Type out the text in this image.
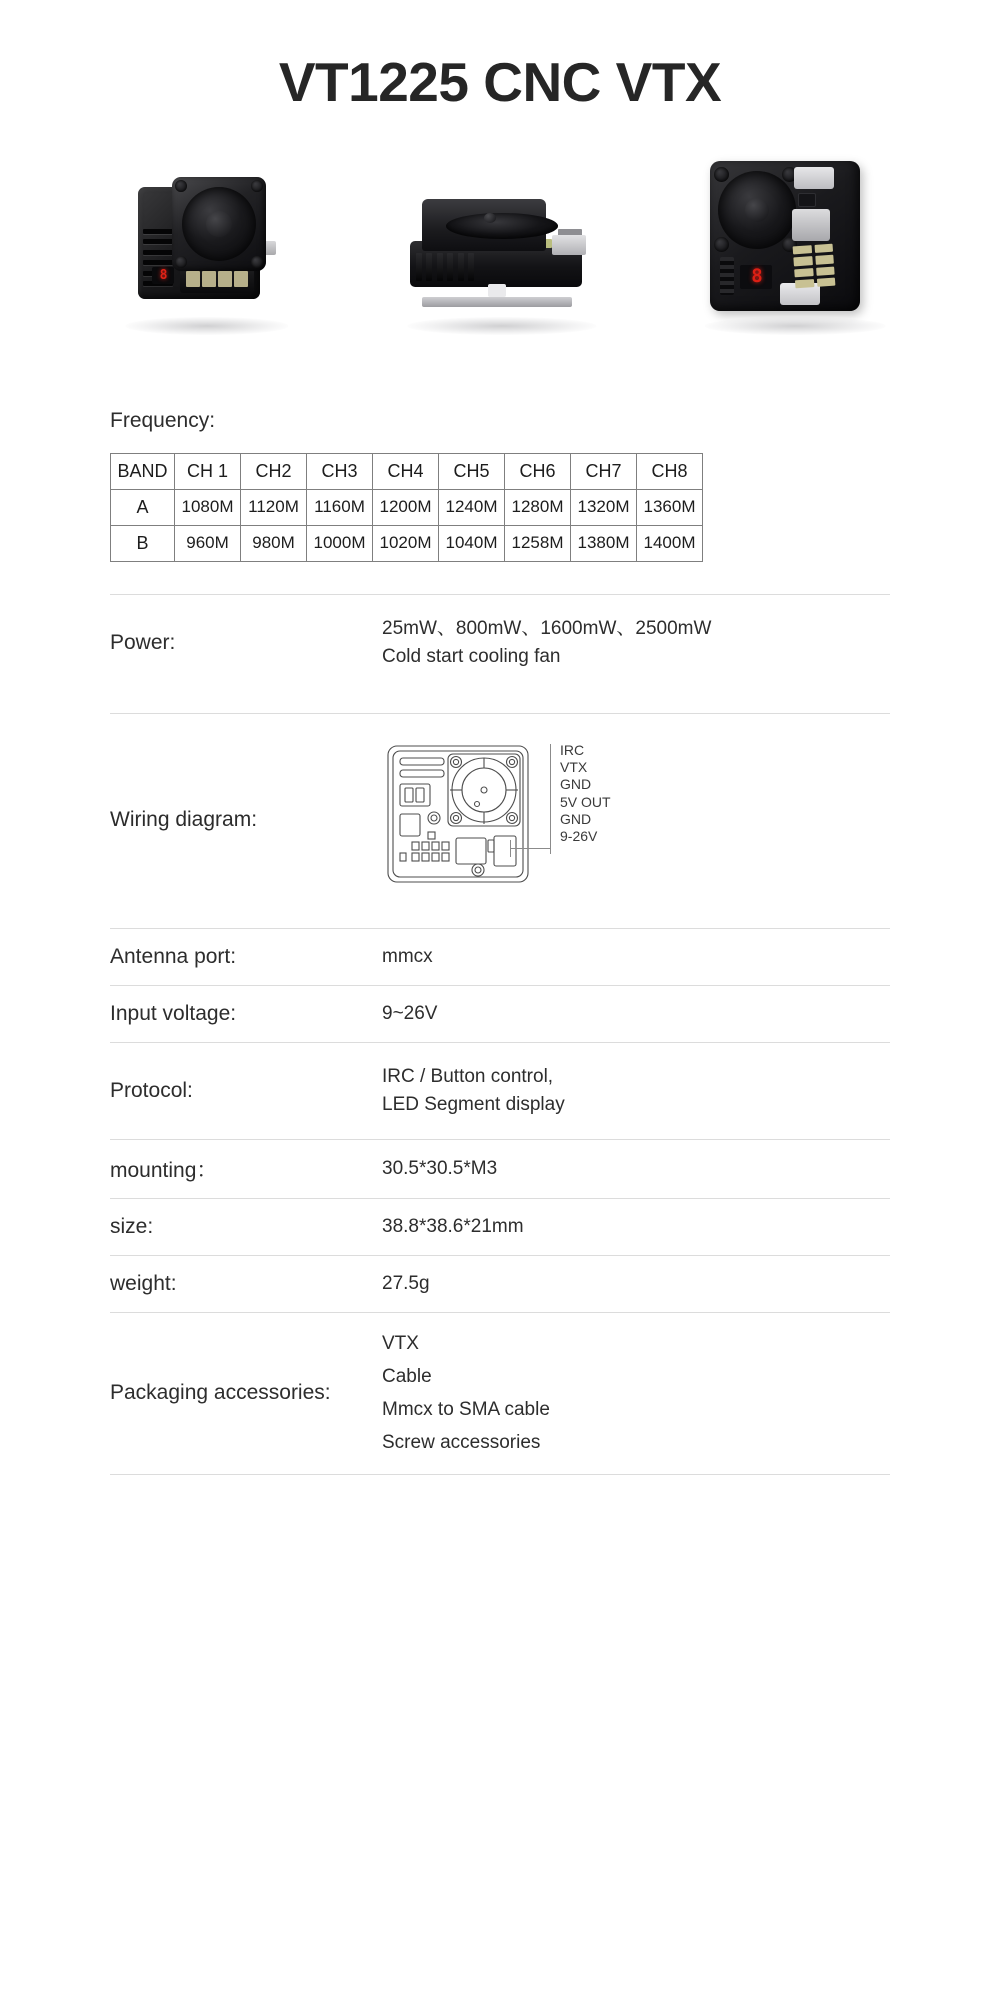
VT1225 CNC VTX
8	8
Frequency:
BAND	CH 1	CH2	CH3	CH4	CH5	CH6	CH7	CH8
A	1080M	1120M	1160M	1200M	1240M	1280M	1320M	1360M
B	960M	980M	1000M	1020M	1040M	1258M	1380M	1400M
Power:
25mW、800mW、1600mW、2500mW
Cold start cooling fan
Wiring diagram:
IRC
VTX
GND
5V OUT
GND
9-26V
Antenna port:	mmcx
Input voltage:	9~26V
Protocol:
IRC / Button control,
LED Segment display
mounting：	30.5*30.5*M3
size:	38.8*38.6*21mm
weight:	27.5g
Packaging accessories:
VTX
Cable
Mmcx to SMA cable
Screw accessories
